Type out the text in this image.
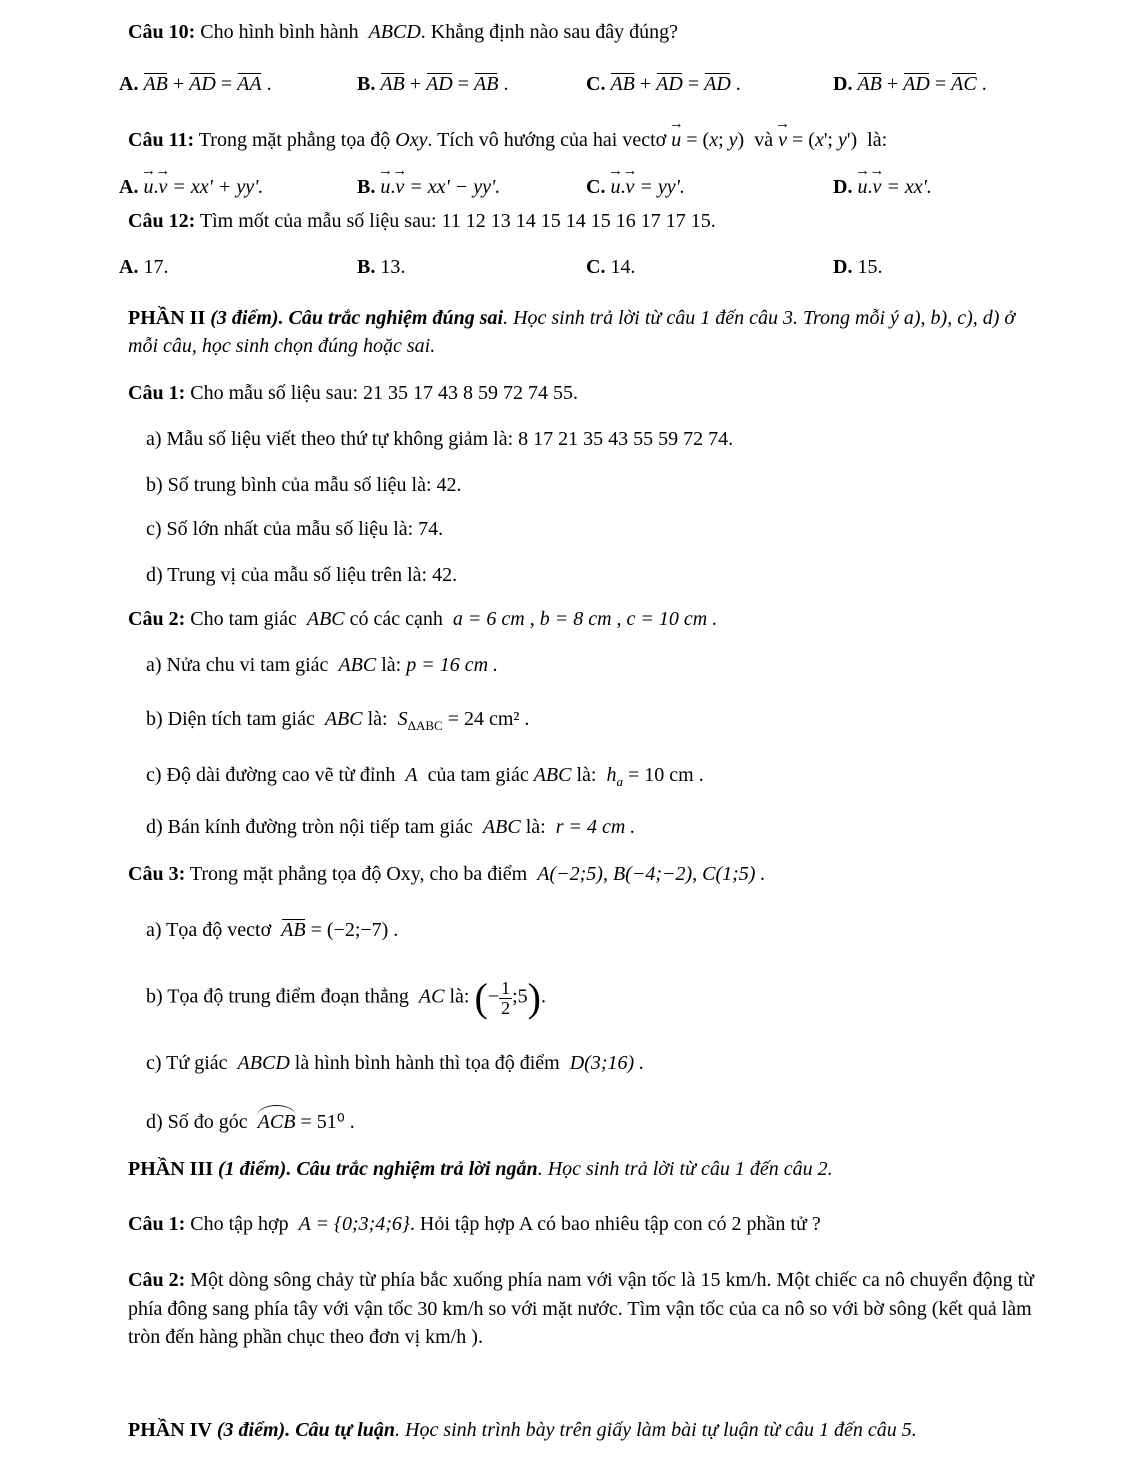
Câu 10: Cho hình bình hành ABCD. Khẳng định nào sau đây đúng?
A. AB + AD = AA .	B. AB + AD = AB .	C. AB + AD = AD .	D. AB + AD = AC .
Câu 11: Trong mặt phẳng tọa độ Oxy. Tích vô hướng của hai vectơ → u = (x; y)  và → v = (x'; y')  là:
A. → u.→ v = xx' + yy'.	B. → u.→ v = xx' − yy'.	C. → u.→ v = yy'.	D. → u.→ v = xx'.
Câu 12: Tìm mốt của mẫu số liệu sau: 11 12 13 14 15 14 15 16 17 17 15.
A. 17.	B. 13.	C. 14.	D. 15.
PHẦN II (3 điểm). Câu trắc nghiệm đúng sai. Học sinh trả lời từ câu 1 đến câu 3. Trong mỗi ý a), b), c), d) ở
mỗi câu, học sinh chọn đúng hoặc sai.
Câu 1: Cho mẫu số liệu sau: 21 35 17 43 8 59 72 74 55.
a) Mẫu số liệu viết theo thứ tự không giảm là: 8 17 21 35 43 55 59 72 74.
b) Số trung bình của mẫu số liệu là: 42.
c) Số lớn nhất của mẫu số liệu là: 74.
d) Trung vị của mẫu số liệu trên là: 42.
Câu 2: Cho tam giác ABC có các cạnh a = 6 cm , b = 8 cm , c = 10 cm .
a) Nửa chu vi tam giác ABC là: p = 16 cm .
b) Diện tích tam giác ABC là: $S_{\Delta ABC} = 24$ cm² .
c) Độ dài đường cao vẽ từ đỉnh A của tam giác ABC là: $h_a = 10$ cm .
d) Bán kính đường tròn nội tiếp tam giác ABC là: r = 4 cm .
Câu 3: Trong mặt phẳng tọa độ Oxy, cho ba điểm A(−2;5), B(−4;−2), C(1;5) .
a) Tọa độ vectơ AB = (−2;−7) .
b) Tọa độ trung điểm đoạn thẳng AC là: (− $\frac{1}{2}$ ;5).
c) Tứ giác ABCD là hình bình hành thì tọa độ điểm D(3;16) .
d) Số đo góc ACB = 51⁰ .
PHẦN III (1 điểm). Câu trắc nghiệm trả lời ngắn. Học sinh trả lời từ câu 1 đến câu 2.
Câu 1: Cho tập hợp A = {0;3;4;6}. Hỏi tập hợp A có bao nhiêu tập con có 2 phần tử ?
Câu 2: Một dòng sông chảy từ phía bắc xuống phía nam với vận tốc là 15 km/h. Một chiếc ca nô chuyển động từ
phía đông sang phía tây với vận tốc 30 km/h so với mặt nước. Tìm vận tốc của ca nô so với bờ sông (kết quả làm
tròn đến hàng phần chục theo đơn vị km/h ).
PHẦN IV (3 điểm). Câu tự luận. Học sinh trình bày trên giấy làm bài tự luận từ câu 1 đến câu 5.
